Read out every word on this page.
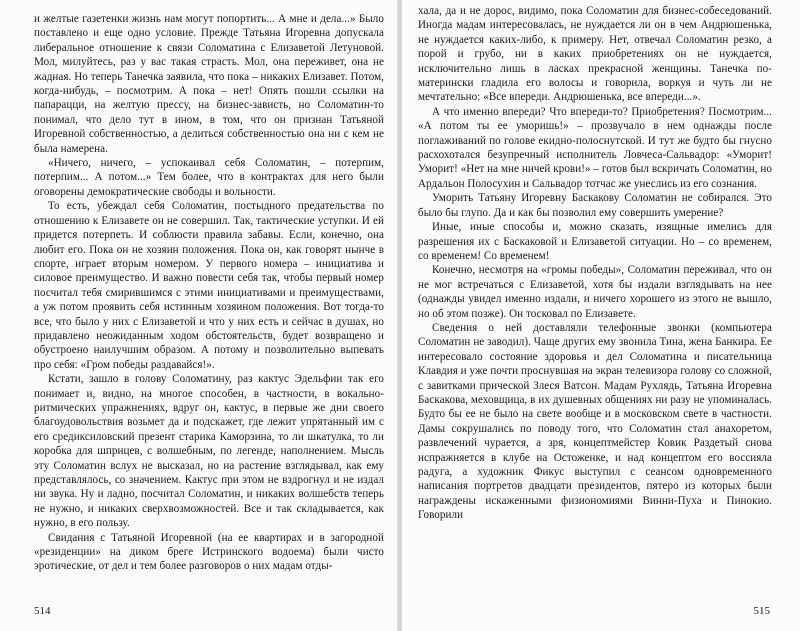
и желтые газетенки жизнь нам могут попортить... А мне и дела...» Было поставлено и еще одно условие. Прежде Татьяна Игоревна допускала либеральное отношение к связи Соломатина с Елизаветой Летуновой. Мол, милуйтесь, раз у вас такая страсть. Мол, она переживет, она не жадная. Но теперь Танечка заявила, что пока – никаких Елизавет. Потом, когда-нибудь, – посмотрим. А пока – нет! Опять пошли ссылки на папарацци, на желтую прессу, на бизнес-зависть, но Соломатин-то понимал, что дело тут в ином, в том, что он признан Татьяной Игоревной собственностью, а делиться собственностью она ни с кем не была намерена.

«Ничего, ничего, – успокаивал себя Соломатин, – потерпим, потерпим... А потом...» Тем более, что в контрактах для него были оговорены демократические свободы и вольности.

То есть, убеждал себя Соломатин, постыдного предательства по отношению к Елизавете он не совершил. Так, тактические уступки. И ей придется потерпеть. И соблюсти правила забавы. Если, конечно, она любит его. Пока он не хозяин положения. Пока он, как говорят нынче в спорте, играет вторым номером. У первого номера – инициатива и силовое преимущество. И важно повести себя так, чтобы первый номер посчитал тебя смирившимся с этими инициативами и преимуществами, а уж потом проявить себя истинным хозяином положения. Вот тогда-то все, что было у них с Елизаветой и что у них есть и сейчас в душах, но придавлено неожиданным ходом обстоятельств, будет возвращено и обустроено наилучшим образом. А потому и позволительно выпевать про себя: «Гром победы раздавайся!».

Кстати, зашло в голову Соломатину, раз кактус Эдельфии так его понимает и, видно, на многое способен, в частности, в вокально-ритмических упражнениях, вдруг он, кактус, в первые же дни своего благоудовольствия возьмет да и подскажет, где лежит упрятанный им с его средиксиловский презент старика Каморзина, то ли шкатулка, то ли коробка для шприцев, с волшебным, по легенде, наполнением. Мысль эту Соломатин вслух не высказал, но на растение взглядывал, как ему представлялось, со значением. Кактус при этом не вздрогнул и не издал ни звука. Ну и ладно, посчитал Соломатин, и никаких волшебств теперь не нужно, и никаких сверхвозможностей. Все и так складывается, как нужно, в его пользу.

Свидания с Татьяной Игоревной (на ее квартирах и в загородной «резиденции» на диком бреге Истринского водоема) были чисто эротические, от дел и тем более разговоров о них мадам отды-

514

хала, да и не дорос, видимо, пока Соломатин для бизнес-собеседований. Иногда мадам интересовалась, не нуждается ли он в чем Андрюшенька, не нуждается каких-либо, к примеру. Нет, отвечал Соломатин резко, а порой и грубо, ни в каких приобретениях он не нуждается, исключительно лишь в ласках прекрасной женщины. Танечка по-матерински гладила его волосы и говорила, воркуя и чуть ли не мечтательно: «Все впереди. Андрюшенька, все впереди...».

А что именно впереди? Что впереди-то? Приобретения? Посмотрим... «А потом ты ее уморишь!» – прозвучало в нем однажды после поглаживаний по голове екидно-полоснутской. И тут же будто бы гнусно расхохотался безупречный исполнитель Ловчеса-Сальвадор: «Уморит! Уморит! «Нет на мне ничей крови!» – готов был вскричать Соломатин, но Ардальон Полосухин и Сальвадор тотчас же унеслись из его сознания.

Уморить Татьяну Игоревну Баскакову Соломатин не собирался. Это было бы глупо. Да и как бы позволил ему совершить умерение?

Иные, иные способы и, можно сказать, изящные имелись для разрешения их с Баскаковой и Елизаветой ситуации. Но – со временем, со временем! Со временем!

Конечно, несмотря на «громы победы», Соломатин переживал, что он не мог встречаться с Елизаветой, хотя бы издали взглядывать на нее (однажды увидел именно издали, и ничего хорошего из этого не вышло, но об этом позже). Он тосковал по Елизавете.

Сведения о ней доставляли телефонные звонки (компьютера Соломатин не заводил). Чаще других ему звонила Тина, жена Банкира. Ее интересовало состояние здоровья и дел Соломатина и писательница Клавдия и уже почти проснувшая на экран телевизора голову со сложной, с завитками прической Злеся Ватсон. Мадам Рухлядь, Татьяна Игоревна Баскакова, меховщица, в их душевных общениях ни разу не упоминалась. Будто бы ее не было на свете вообще и в московском свете в частности. Дамы сокрушались по поводу того, что Соломатин стал анахоретом, развлечений чурается, а зря, концептмейстер Ковик Раздетый снова испражняется в клубе на Остоженке, и над концептом его воссияла радуга, а художник Фикус выступил с сеансом одновременного написания портретов двадцати президентов, пятеро из которых были награждены искаженными физиономиями Винни-Пуха и Пинокио. Говорили

515
